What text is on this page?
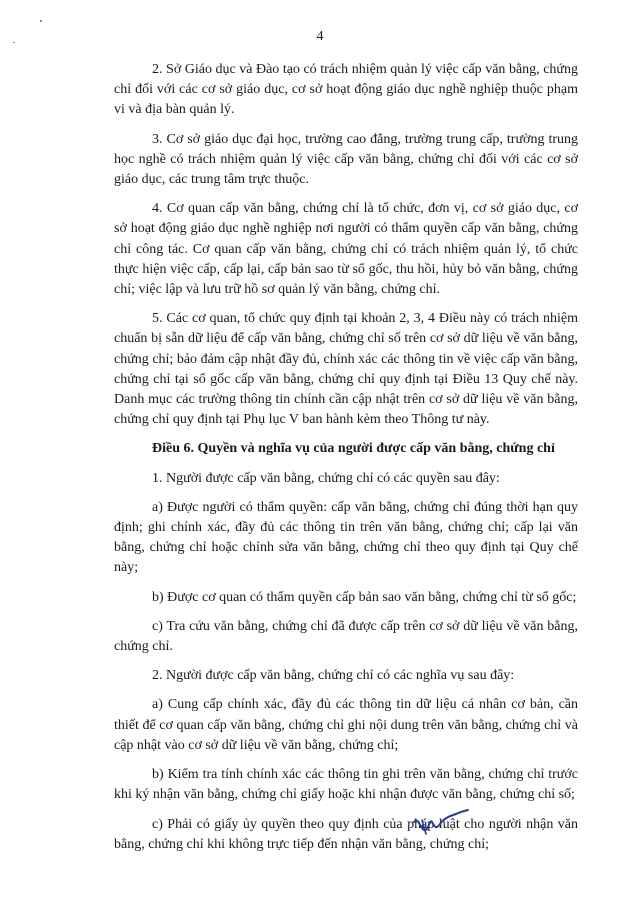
4

2. Sở Giáo dục và Đào tạo có trách nhiệm quản lý việc cấp văn bằng, chứng chỉ đối với các cơ sở giáo dục, cơ sở hoạt động giáo dục nghề nghiệp thuộc phạm vi và địa bàn quản lý.

3. Cơ sở giáo dục đại học, trường cao đẳng, trường trung cấp, trường trung học nghề có trách nhiệm quản lý việc cấp văn bằng, chứng chỉ đối với các cơ sở giáo dục, các trung tâm trực thuộc.

4. Cơ quan cấp văn bằng, chứng chỉ là tổ chức, đơn vị, cơ sở giáo dục, cơ sở hoạt động giáo dục nghề nghiệp nơi người có thẩm quyền cấp văn bằng, chứng chỉ công tác. Cơ quan cấp văn bằng, chứng chỉ có trách nhiệm quản lý, tổ chức thực hiện việc cấp, cấp lại, cấp bản sao từ sổ gốc, thu hồi, hủy bỏ văn bằng, chứng chỉ; việc lập và lưu trữ hồ sơ quản lý văn bằng, chứng chỉ.

5. Các cơ quan, tổ chức quy định tại khoản 2, 3, 4 Điều này có trách nhiệm chuẩn bị sẵn dữ liệu để cấp văn bằng, chứng chỉ số trên cơ sở dữ liệu về văn bằng, chứng chỉ; bảo đảm cập nhật đầy đủ, chính xác các thông tin về việc cấp văn bằng, chứng chỉ tại sổ gốc cấp văn bằng, chứng chỉ quy định tại Điều 13 Quy chế này. Danh mục các trường thông tin chính cần cập nhật trên cơ sở dữ liệu về văn bằng, chứng chỉ quy định tại Phụ lục V ban hành kèm theo Thông tư này.

Điều 6. Quyền và nghĩa vụ của người được cấp văn bằng, chứng chỉ

1. Người được cấp văn bằng, chứng chỉ có các quyền sau đây:

a) Được người có thẩm quyền: cấp văn bằng, chứng chỉ đúng thời hạn quy định; ghi chính xác, đầy đủ các thông tin trên văn bằng, chứng chỉ; cấp lại văn bằng, chứng chỉ hoặc chỉnh sửa văn bằng, chứng chỉ theo quy định tại Quy chế này;

b) Được cơ quan có thẩm quyền cấp bản sao văn bằng, chứng chỉ từ sổ gốc;

c) Tra cứu văn bằng, chứng chỉ đã được cấp trên cơ sở dữ liệu về văn bằng, chứng chỉ.

2. Người được cấp văn bằng, chứng chỉ có các nghĩa vụ sau đây:

a) Cung cấp chính xác, đầy đủ các thông tin dữ liệu cá nhân cơ bản, cần thiết để cơ quan cấp văn bằng, chứng chỉ ghi nội dung trên văn bằng, chứng chỉ và cập nhật vào cơ sở dữ liệu về văn bằng, chứng chỉ;

b) Kiểm tra tính chính xác các thông tin ghi trên văn bằng, chứng chỉ trước khi ký nhận văn bằng, chứng chỉ giấy hoặc khi nhận được văn bằng, chứng chỉ số;

c) Phải có giấy ủy quyền theo quy định của pháp luật cho người nhận văn bằng, chứng chỉ khi không trực tiếp đến nhận văn bằng, chứng chỉ;
